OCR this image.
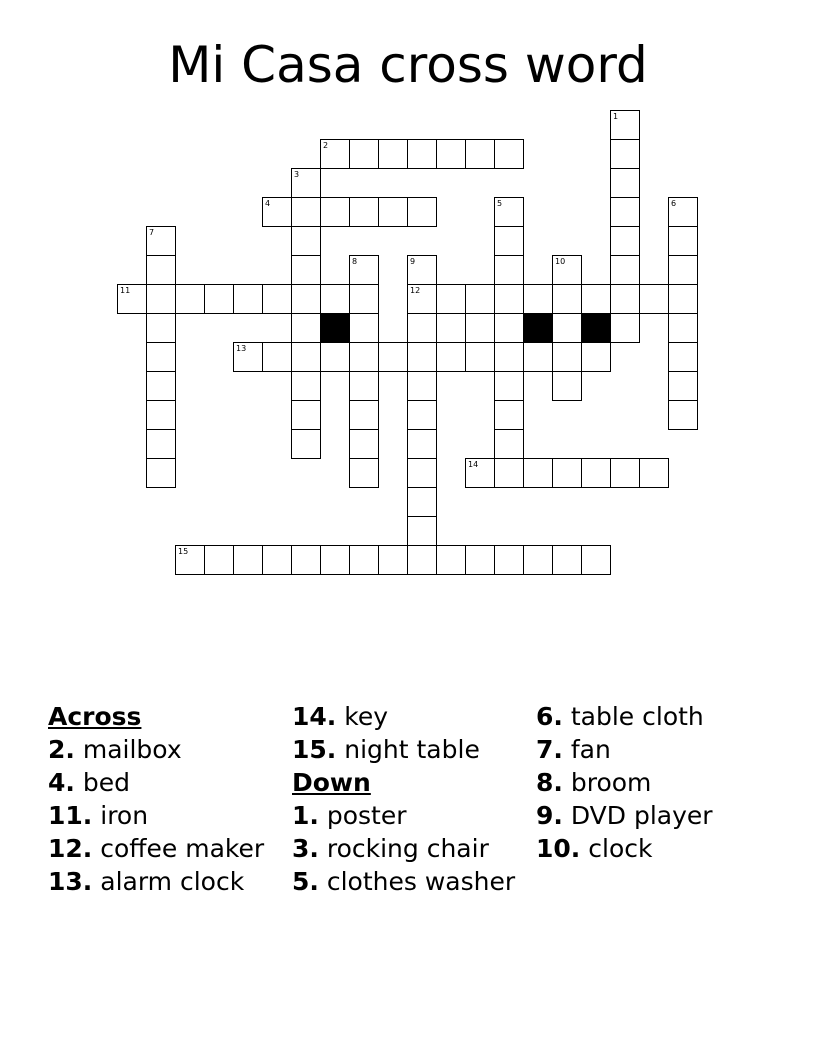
Mi Casa cross word
1
2
3
4	5	6
7
8	9
12
10
11
13
14
15
Across
2. mailbox
4. bed
11. iron
12. coffee maker
13. alarm clock
14. key
15. night table
Down
1. poster
3. rocking chair
5. clothes washer
6. table cloth
7. fan
8. broom
9. DVD player
10. clock
